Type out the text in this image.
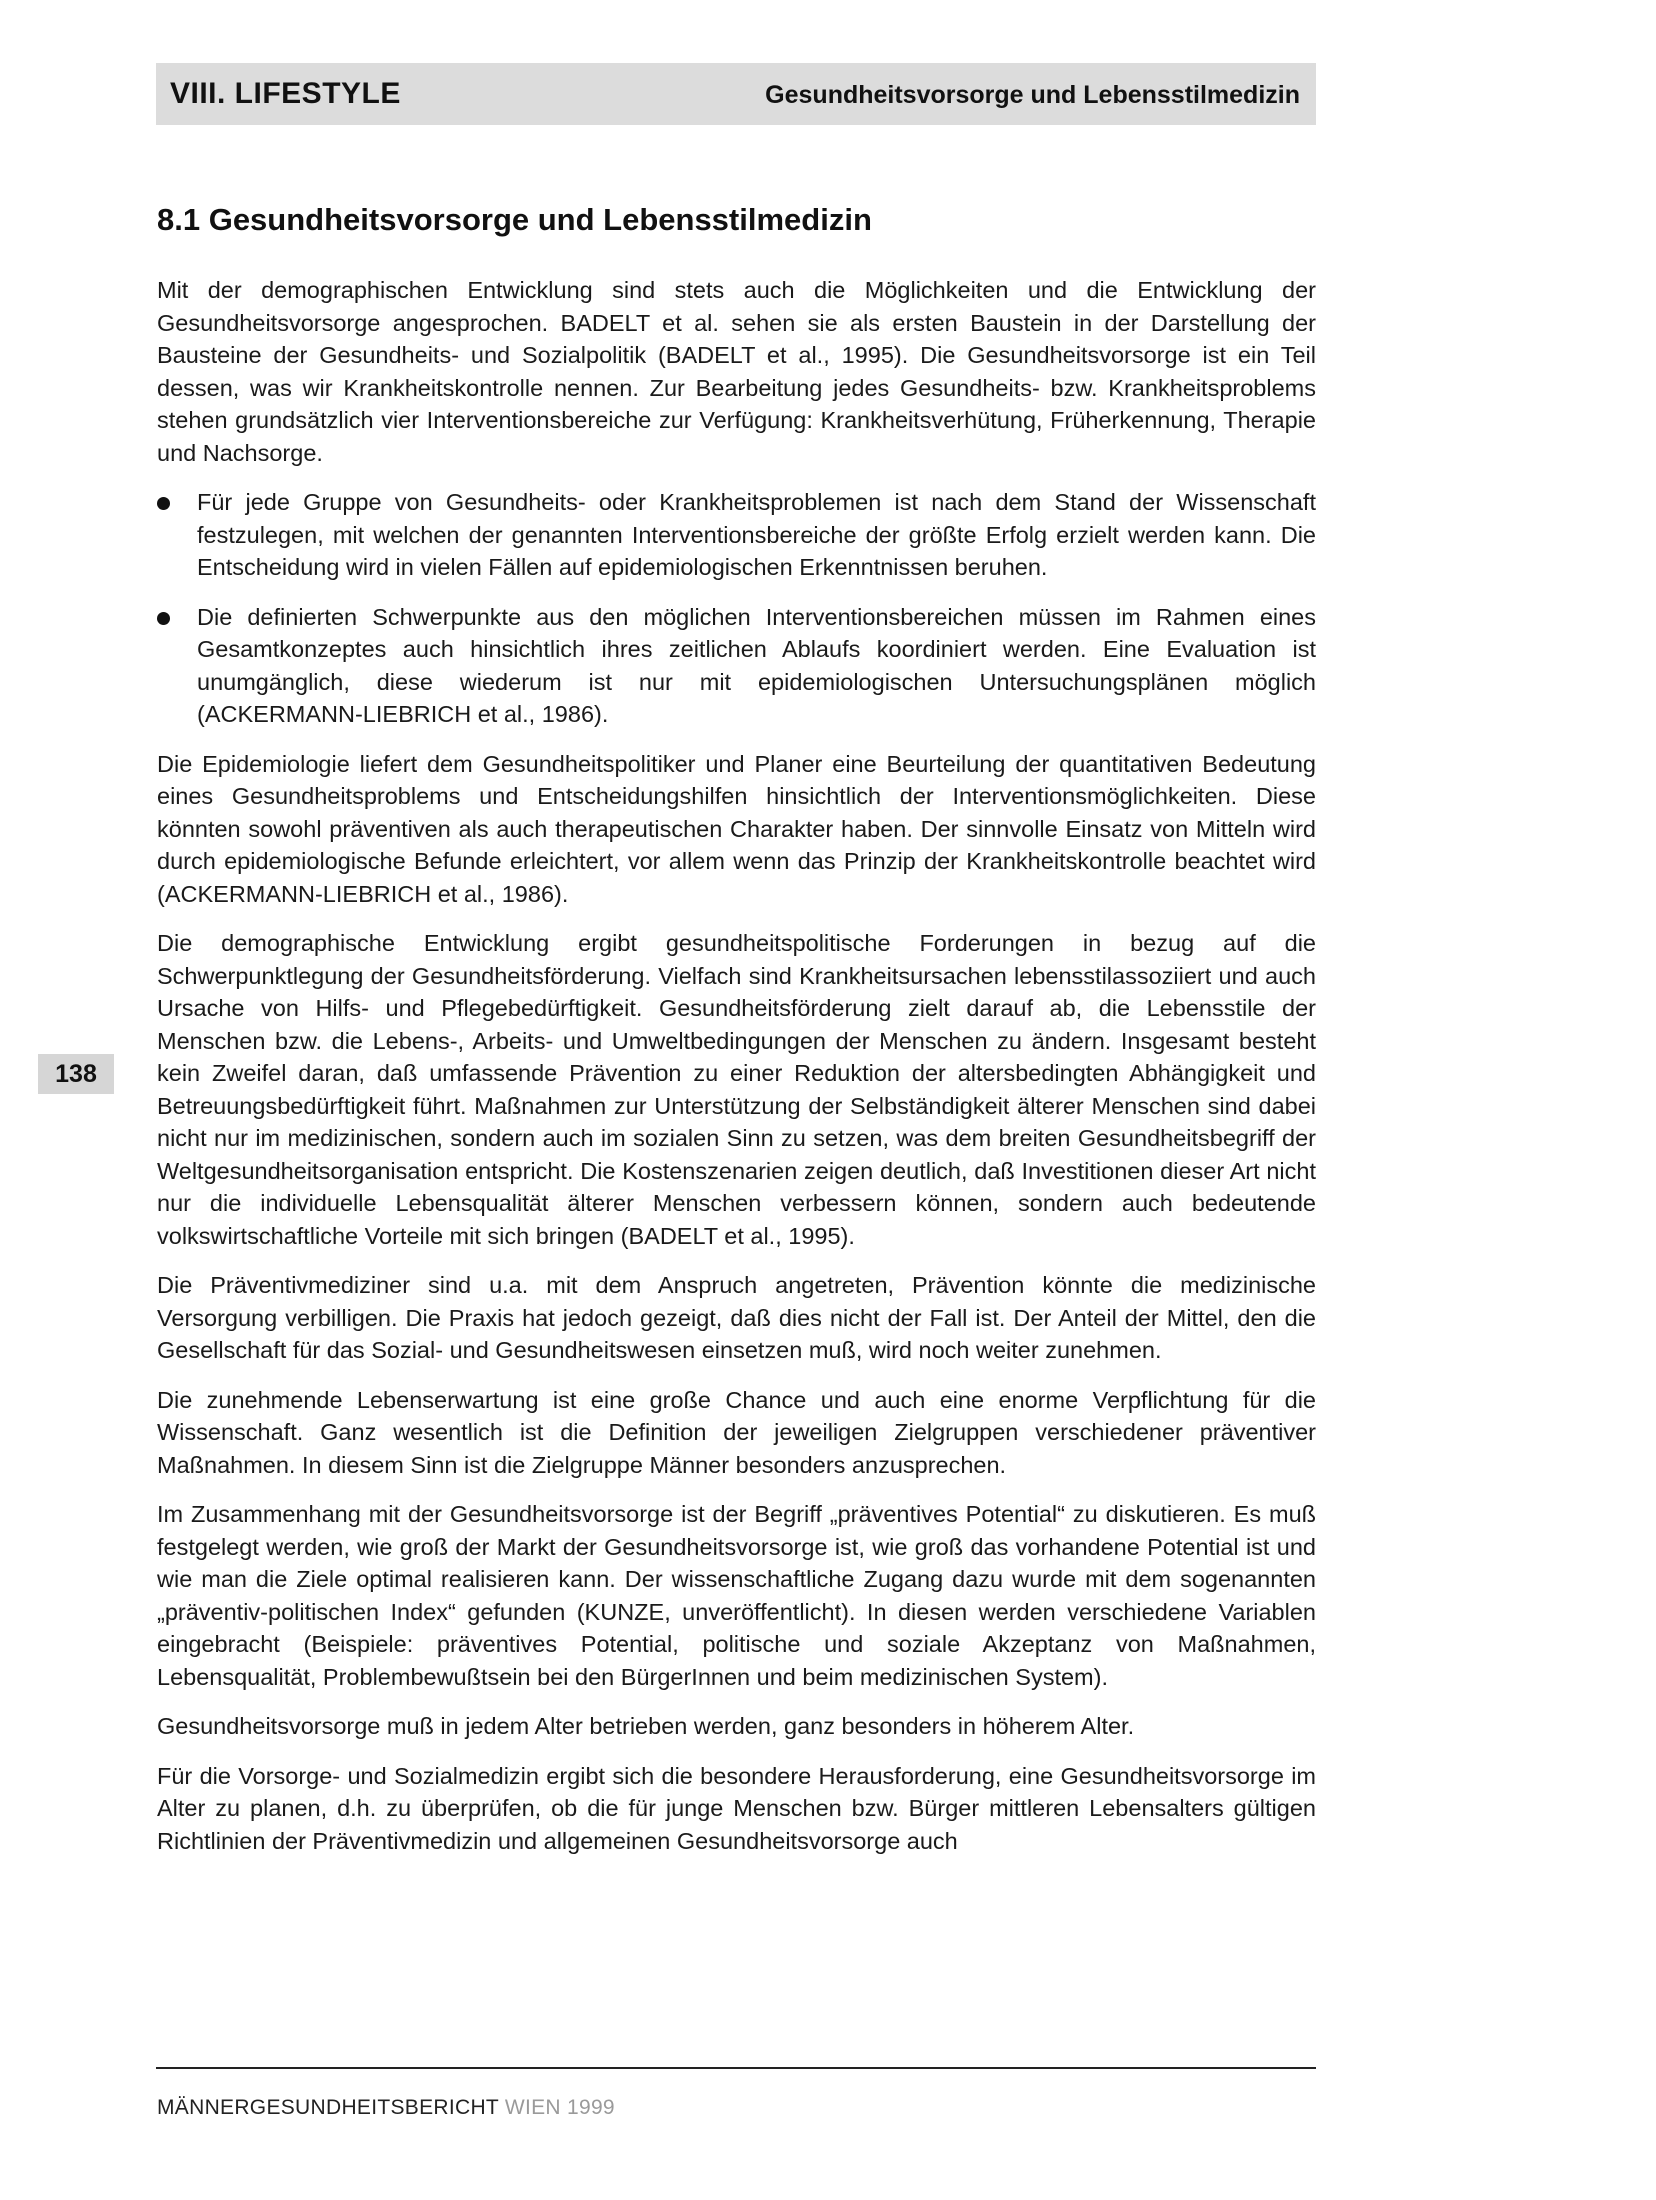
VIII. LIFESTYLE	Gesundheitsvorsorge und Lebensstilmedizin
8.1 Gesundheitsvorsorge und Lebensstilmedizin
138

Mit der demographischen Entwicklung sind stets auch die Möglichkeiten und die Entwicklung der Gesundheitsvorsorge angesprochen. BADELT et al. sehen sie als ersten Baustein in der Darstellung der Bausteine der Gesundheits- und Sozialpolitik (BADELT et al., 1995). Die Gesundheitsvorsorge ist ein Teil dessen, was wir Krankheitskontrolle nennen. Zur Bearbeitung jedes Gesundheits- bzw. Krankheitsproblems stehen grundsätzlich vier Interventionsbereiche zur Verfügung: Krankheitsverhütung, Früherkennung, Therapie und Nachsorge.

Für jede Gruppe von Gesundheits- oder Krankheitsproblemen ist nach dem Stand der Wissenschaft festzulegen, mit welchen der genannten Interventionsbereiche der größte Erfolg erzielt werden kann. Die Entscheidung wird in vielen Fällen auf epidemiologischen Erkenntnissen beruhen.
Die definierten Schwerpunkte aus den möglichen Interventionsbereichen müssen im Rahmen eines Gesamtkonzeptes auch hinsichtlich ihres zeitlichen Ablaufs koordiniert werden. Eine Evaluation ist unumgänglich, diese wiederum ist nur mit epidemiologischen Untersuchungsplänen möglich (ACKERMANN-LIEBRICH et al., 1986).

Die Epidemiologie liefert dem Gesundheitspolitiker und Planer eine Beurteilung der quantitativen Bedeutung eines Gesundheitsproblems und Entscheidungshilfen hinsichtlich der Interventionsmöglichkeiten. Diese könnten sowohl präventiven als auch therapeutischen Charakter haben. Der sinnvolle Einsatz von Mitteln wird durch epidemiologische Befunde erleichtert, vor allem wenn das Prinzip der Krankheitskontrolle beachtet wird (ACKERMANN-LIEBRICH et al., 1986).

Die demographische Entwicklung ergibt gesundheitspolitische Forderungen in bezug auf die Schwerpunktlegung der Gesundheitsförderung. Vielfach sind Krankheitsursachen lebensstilassoziiert und auch Ursache von Hilfs- und Pflegebedürftigkeit. Gesundheitsförderung zielt darauf ab, die Lebensstile der Menschen bzw. die Lebens-, Arbeits- und Umweltbedingungen der Menschen zu ändern. Insgesamt besteht kein Zweifel daran, daß umfassende Prävention zu einer Reduktion der altersbedingten Abhängigkeit und Betreuungsbedürftigkeit führt. Maßnahmen zur Unterstützung der Selbständigkeit älterer Menschen sind dabei nicht nur im medizinischen, sondern auch im sozialen Sinn zu setzen, was dem breiten Gesundheitsbegriff der Weltgesundheitsorganisation entspricht. Die Kostenszenarien zeigen deutlich, daß Investitionen dieser Art nicht nur die individuelle Lebensqualität älterer Menschen verbessern können, sondern auch bedeutende volkswirtschaftliche Vorteile mit sich bringen (BADELT et al., 1995).

Die Präventivmediziner sind u.a. mit dem Anspruch angetreten, Prävention könnte die medizinische Versorgung verbilligen. Die Praxis hat jedoch gezeigt, daß dies nicht der Fall ist. Der Anteil der Mittel, den die Gesellschaft für das Sozial- und Gesundheitswesen einsetzen muß, wird noch weiter zunehmen.

Die zunehmende Lebenserwartung ist eine große Chance und auch eine enorme Verpflichtung für die Wissenschaft. Ganz wesentlich ist die Definition der jeweiligen Zielgruppen verschiedener präventiver Maßnahmen. In diesem Sinn ist die Zielgruppe Männer besonders anzusprechen.

Im Zusammenhang mit der Gesundheitsvorsorge ist der Begriff „präventives Potential“ zu diskutieren. Es muß festgelegt werden, wie groß der Markt der Gesundheitsvorsorge ist, wie groß das vorhandene Potential ist und wie man die Ziele optimal realisieren kann. Der wissenschaftliche Zugang dazu wurde mit dem sogenannten „präventiv-politischen Index“ gefunden (KUNZE, unveröffentlicht). In diesen werden verschiedene Variablen eingebracht (Beispiele: präventives Potential, politische und soziale Akzeptanz von Maßnahmen, Lebensqualität, Problembewußtsein bei den BürgerInnen und beim medizinischen System).

Gesundheitsvorsorge muß in jedem Alter betrieben werden, ganz besonders in höherem Alter.

Für die Vorsorge- und Sozialmedizin ergibt sich die besondere Herausforderung, eine Gesundheitsvorsorge im Alter zu planen, d.h. zu überprüfen, ob die für junge Menschen bzw. Bürger mittleren Lebensalters gültigen Richtlinien der Präventivmedizin und allgemeinen Gesundheitsvorsorge auch

MÄNNERGESUNDHEITSBERICHT WIEN 1999
